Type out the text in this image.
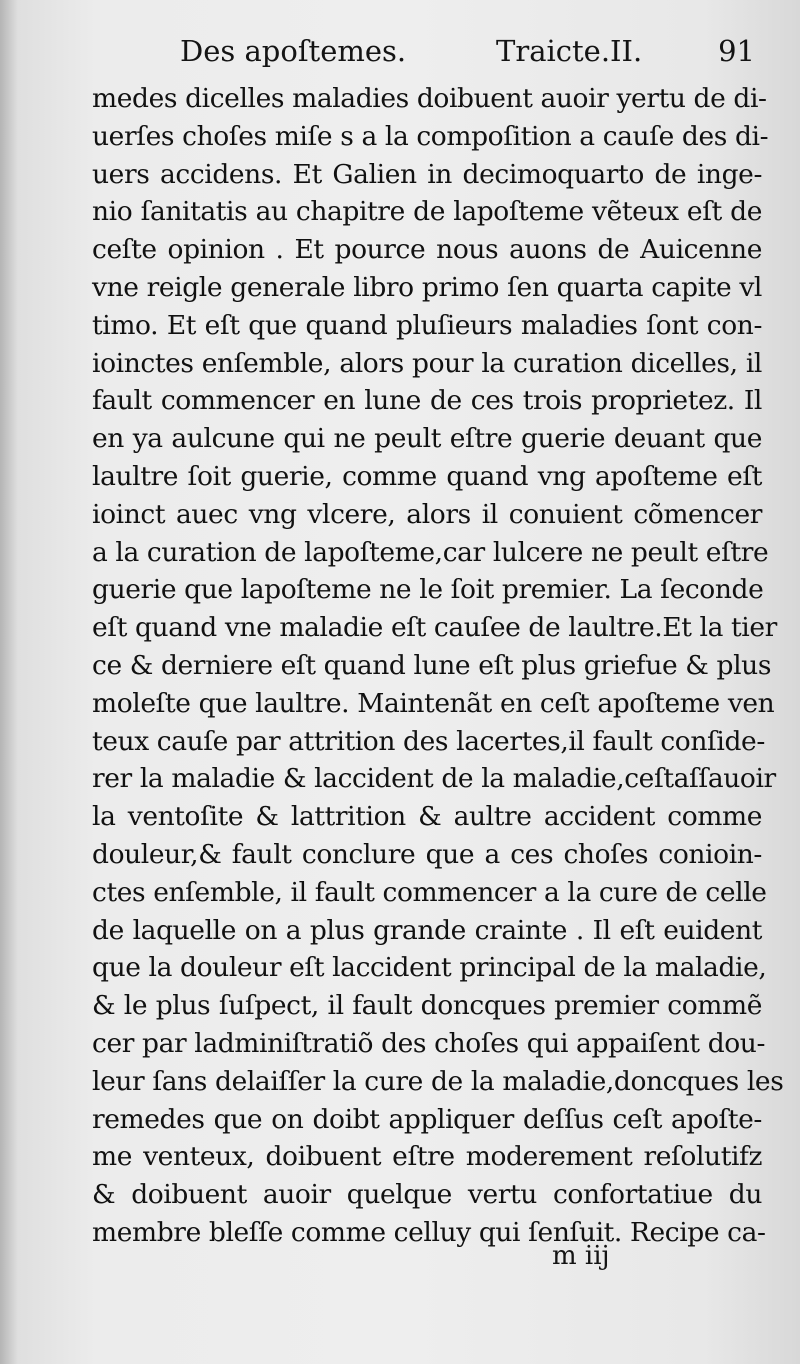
Des apoſtemes.	Traicte.II.	91
medes dicelles maladies doibuent auoir yertu de di-
uerſes choſes miſe s a la compoſition a cauſe des di-
uers accidens. Et Galien in decimoquarto de inge-
nio ſanitatis au chapitre de lapoſteme vẽteux eſt de
ceſte opinion . Et pource nous auons de Auicenne
vne reigle generale libro primo ſen quarta capite vl
timo. Et eſt que quand pluſieurs maladies ſont con-
ioinctes enſemble, alors pour la curation dicelles, il
fault commencer en lune de ces trois proprietez. Il
en ya aulcune qui ne peult eſtre guerie deuant que
laultre ſoit guerie, comme quand vng apoſteme eſt
ioinct auec vng vlcere, alors il conuient cõmencer
a la curation de lapoſteme,car lulcere ne peult eſtre
guerie que lapoſteme ne le ſoit premier. La ſeconde
eſt quand vne maladie eſt cauſee de laultre.Et la tier
ce & derniere eſt quand lune eſt plus griefue & plus
moleſte que laultre. Maintenãt en ceſt apoſteme ven
teux cauſe par attrition des lacertes,il fault conſide-
rer la maladie & laccident de la maladie,ceſtaſſauoir
la ventoſite & lattrition & aultre accident comme
douleur,& fault conclure que a ces choſes conioin-
ctes enſemble, il fault commencer a la cure de celle
de laquelle on a plus grande crainte . Il eſt euident
que la douleur eſt laccident principal de la maladie,
& le plus ſuſpect, il fault doncques premier commẽ
cer par ladminiſtratiõ des choſes qui appaiſent dou-
leur ſans delaiſſer la cure de la maladie,doncques les
remedes que on doibt appliquer deſſus ceſt apoſte-
me venteux, doibuent eſtre moderement reſolutifz
& doibuent auoir quelque vertu confortatiue du
membre bleſſe comme celluy qui ſenſuit. Recipe ca-
m iij
